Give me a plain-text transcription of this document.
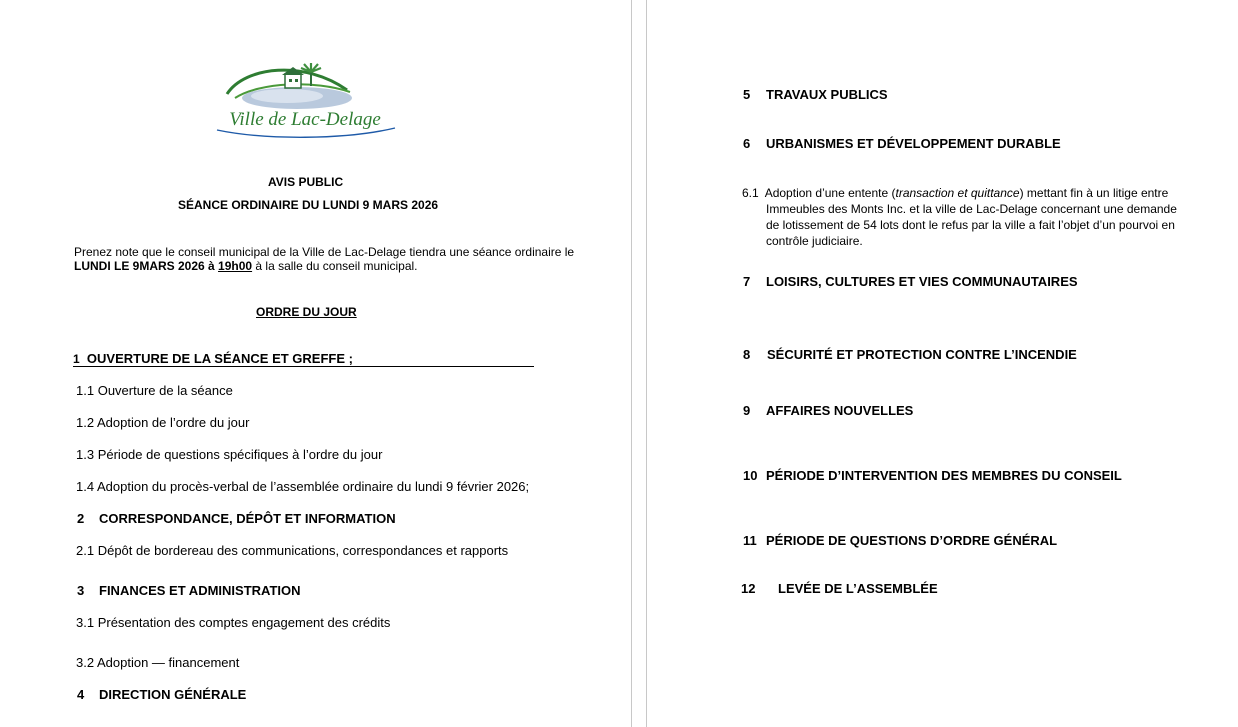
Ville de Lac-Delage
AVIS PUBLIC
SÉANCE ORDINAIRE DU LUNDI 9 MARS 2026
Prenez note que le conseil municipal de la Ville de Lac-Delage tiendra une séance ordinaire le
LUNDI LE 9MARS 2026 à 19h00 à la salle du conseil municipal.
ORDRE DU JOUR
1 OUVERTURE DE LA SÉANCE ET GREFFE ;
1.1 Ouverture de la séance
1.2 Adoption de l’ordre du jour
1.3 Période de questions spécifiques à l’ordre du jour
1.4 Adoption du procès-verbal de l’assemblée ordinaire du lundi 9 février 2026;
2 CORRESPONDANCE, DÉPÔT ET INFORMATION
2.1 Dépôt de bordereau des communications, correspondances et rapports
3 FINANCES ET ADMINISTRATION
3.1 Présentation des comptes engagement des crédits
3.2 Adoption — financement
4 DIRECTION GÉNÉRALE
5 TRAVAUX PUBLICS
6 URBANISMES ET DÉVELOPPEMENT DURABLE
6.1 Adoption d’une entente (transaction et quittance) mettant fin à un litige entre
Immeubles des Monts Inc. et la ville de Lac-Delage concernant une demande
de lotissement de 54 lots dont le refus par la ville a fait l’objet d’un pourvoi en
contrôle judiciaire.
7 LOISIRS, CULTURES ET VIES COMMUNAUTAIRES
8 SÉCURITÉ ET PROTECTION CONTRE L’INCENDIE
9 AFFAIRES NOUVELLES
10 PÉRIODE D’INTERVENTION DES MEMBRES DU CONSEIL
11 PÉRIODE DE QUESTIONS D’ORDRE GÉNÉRAL
12 LEVÉE DE L’ASSEMBLÉE
